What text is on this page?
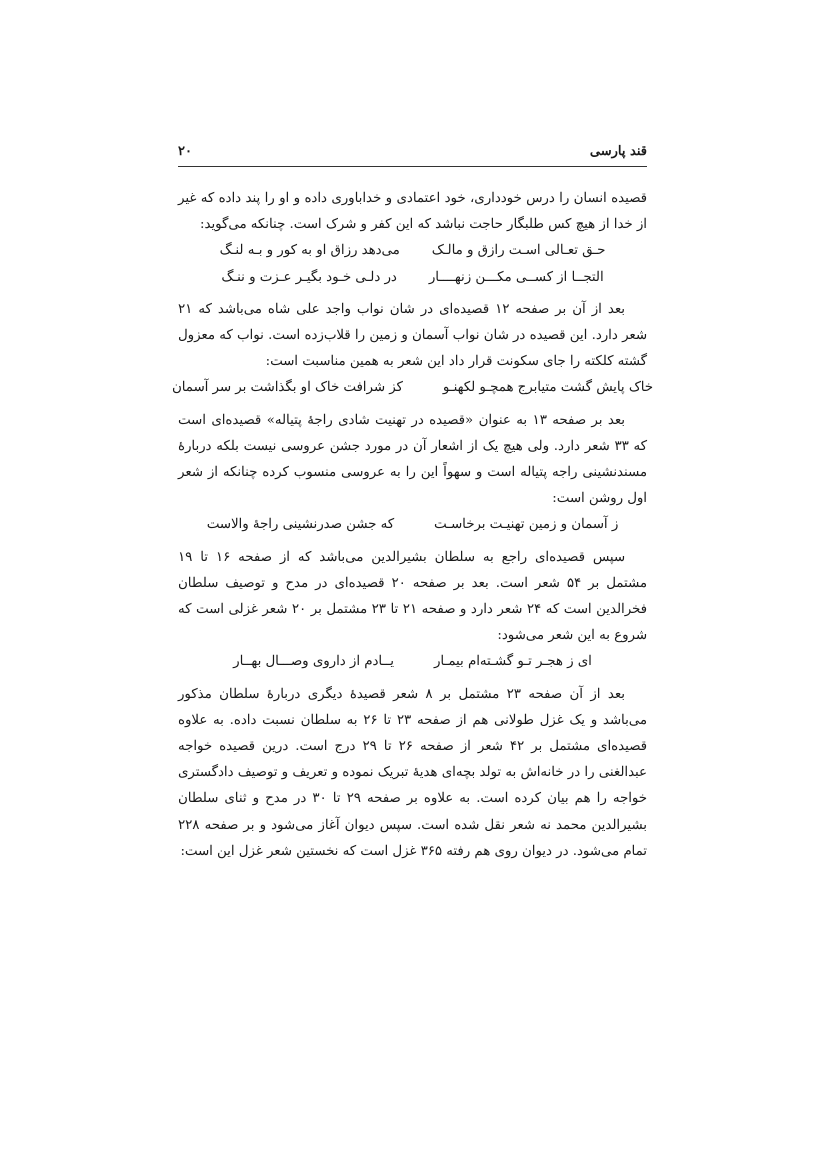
قند پارسی
۲۰

قصیده انسان را درس خودداری، خود اعتمادی و خداباوری داده و او را پند داده که غیر از خدا از هیچ کس طلبگار حاجت نباشد که این کفر و شرک است. چنانکه می‌گوید:

حـق تعـالی اسـت رازق و مالـک
می‌دهد رزاق او به کور و بـه لنـگ
التجــا از کســی مکـــن زنهــــار
در دلـی خـود بگیـر عـزت و ننـگ

بعد از آن بر صفحه ۱۲ قصیده‌ای در شان نواب واجد علی شاه می‌باشد که ۲۱ شعر دارد. این قصیده در شان نواب آسمان و زمین را قلاب‌زده است. نواب که معزول گشته کلکته را جای سکونت قرار داد این شعر به همین مناسبت است:

خاک پایش گشت متیابرج همچـو لکهنـو
کز شرافت خاک او بگذاشت بر سر آسمان

بعد بر صفحه ۱۳ به عنوان «قصیده در تهنیت شادی راجهٔ پتیاله» قصیده‌ای است که ۳۳ شعر دارد. ولی هیچ یک از اشعار آن در مورد جشن عروسی نیست بلکه دربارهٔ مسندنشینی راجه پتیاله است و سهواً این را به عروسی منسوب کرده چنانکه از شعر اول روشن است:

ز آسمان و زمین تهنیـت برخاسـت
که جشن صدرنشینی راجهٔ والاست

سپس قصیده‌ای راجع به سلطان بشیرالدین می‌باشد که از صفحه ۱۶ تا ۱۹ مشتمل بر ۵۴ شعر است. بعد بر صفحه ۲۰ قصیده‌ای در مدح و توصیف سلطان فخرالدین است که ۲۴ شعر دارد و صفحه ۲۱ تا ۲۳ مشتمل بر ۲۰ شعر غزلی است که شروع به این شعر می‌شود:

ای ز هجـر تـو گشـته‌ام بیمـار
یــادم از داروی وصـــال بهــار

بعد از آن صفحه ۲۳ مشتمل بر ۸ شعر قصیدهٔ دیگری دربارهٔ سلطان مذکور می‌باشد و یک غزل طولانی هم از صفحه ۲۳ تا ۲۶ به سلطان نسبت داده. به علاوه قصیده‌ای مشتمل بر ۴۲ شعر از صفحه ۲۶ تا ۲۹ درج است. درین قصیده خواجه عبدالغنی را در خانه‌اش به تولد بچه‌ای هدیهٔ تبریک نموده و تعریف و توصیف دادگستری خواجه را هم بیان کرده است. به علاوه بر صفحه ۲۹ تا ۳۰ در مدح و ثنای سلطان بشیرالدین محمد نه شعر نقل شده است. سپس دیوان آغاز می‌شود و بر صفحه ۲۲۸ تمام می‌شود. در دیوان روی هم رفته ۳۶۵ غزل است که نخستین شعر غزل این است:
